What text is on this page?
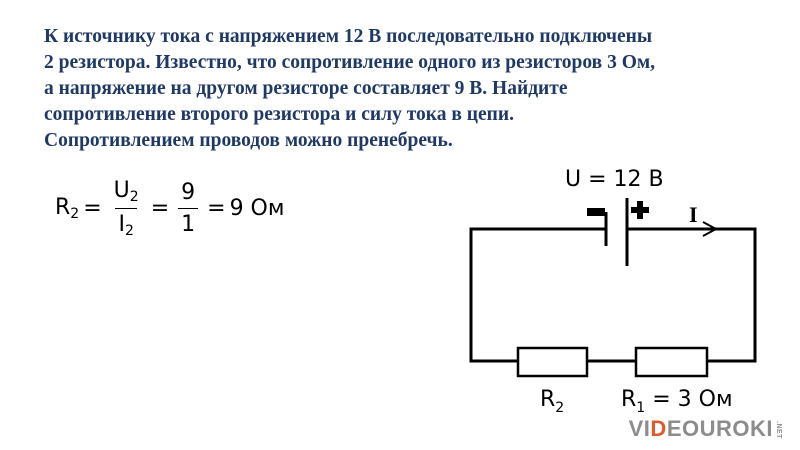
К источнику тока с напряжением 12 В последовательно подключены
2 резистора. Известно, что сопротивление одного из резисторов 3 Ом,
а напряжение на другом резисторе составляет 9 В. Найдите
сопротивление второго резистора и силу тока в цепи.
Сопротивлением проводов можно пренебречь.
$R_2 = \frac{U_2}{I_2} = \frac{9}{1} = 9$ Ом
U = 12 В
I
$R_2$	$R_1 = 3$ Ом
VI D EOUROKI .NET
